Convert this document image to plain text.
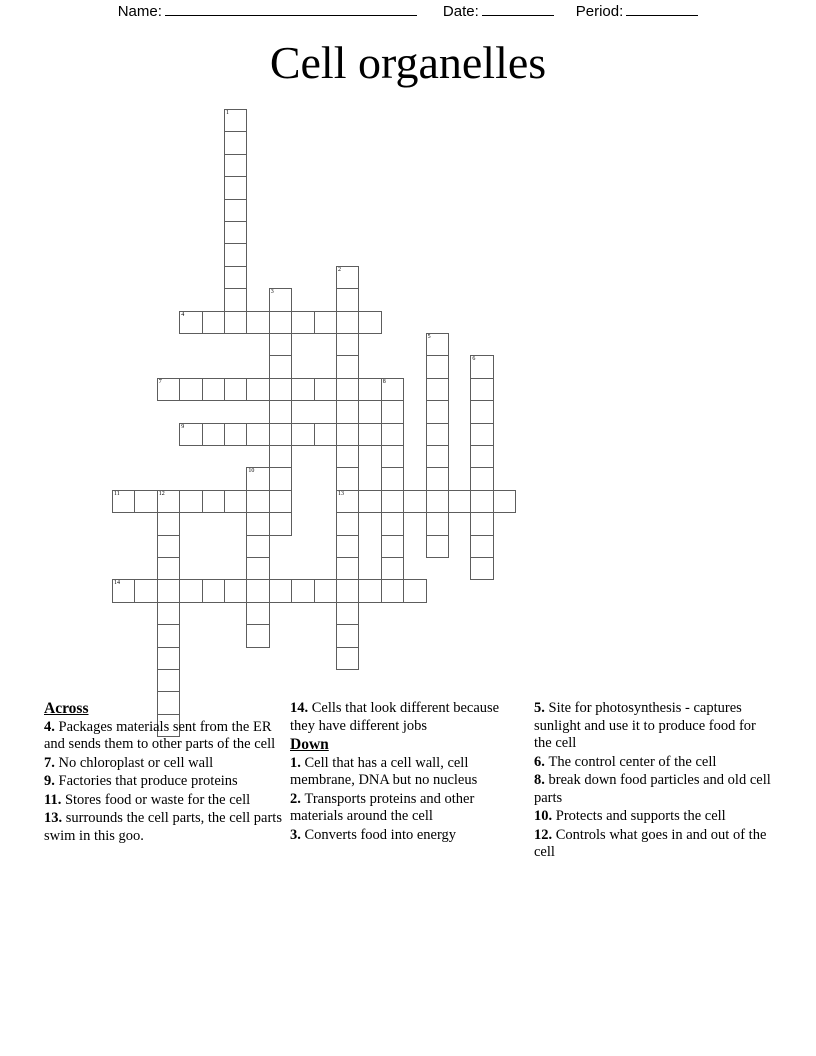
Name:	Date:	Period:
Cell organelles
1
2
3
4
5
6
7	8
9
10
11	12	13
14
Across
4. Packages materials sent from the ER and sends them to other parts of the cell
7. No chloroplast or cell wall
9. Factories that produce proteins
11. Stores food or waste for the cell
13. surrounds the cell parts, the cell parts swim in this goo.
14. Cells that look different because they have different jobs
Down
1. Cell that has a cell wall, cell membrane, DNA but no nucleus
2. Transports proteins and other materials around the cell
3. Converts food into energy
5. Site for photosynthesis - captures sunlight and use it to produce food for the cell
6. The control center of the cell
8. break down food particles and old cell parts
10. Protects and supports the cell
12. Controls what goes in and out of the cell
